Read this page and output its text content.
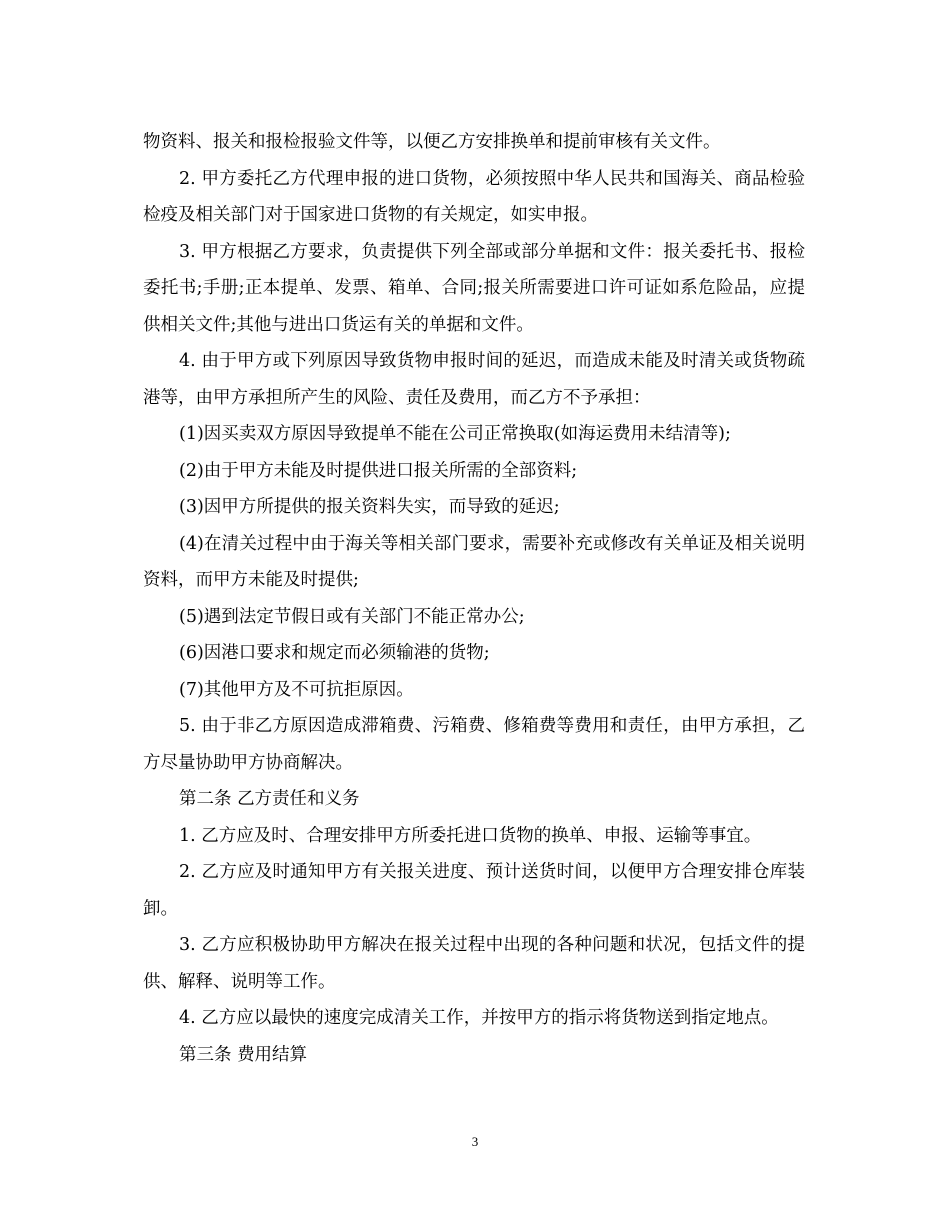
物资料、报关和报检报验文件等，以便乙方安排换单和提前审核有关文件。

2. 甲方委托乙方代理申报的进口货物，必须按照中华人民共和国海关、商品检验检疫及相关部门对于国家进口货物的有关规定，如实申报。

3. 甲方根据乙方要求，负责提供下列全部或部分单据和文件：报关委托书、报检委托书;手册;正本提单、发票、箱单、合同;报关所需要进口许可证如系危险品，应提供相关文件;其他与进出口货运有关的单据和文件。

4. 由于甲方或下列原因导致货物申报时间的延迟，而造成未能及时清关或货物疏港等，由甲方承担所产生的风险、责任及费用，而乙方不予承担：

(1)因买卖双方原因导致提单不能在公司正常换取(如海运费用未结清等);

(2)由于甲方未能及时提供进口报关所需的全部资料;

(3)因甲方所提供的报关资料失实，而导致的延迟;

(4)在清关过程中由于海关等相关部门要求，需要补充或修改有关单证及相关说明资料，而甲方未能及时提供;

(5)遇到法定节假日或有关部门不能正常办公;

(6)因港口要求和规定而必须输港的货物;

(7)其他甲方及不可抗拒原因。

5. 由于非乙方原因造成滞箱费、污箱费、修箱费等费用和责任，由甲方承担，乙方尽量协助甲方协商解决。

第二条 乙方责任和义务

1. 乙方应及时、合理安排甲方所委托进口货物的换单、申报、运输等事宜。

2. 乙方应及时通知甲方有关报关进度、预计送货时间，以便甲方合理安排仓库装卸。

3. 乙方应积极协助甲方解决在报关过程中出现的各种问题和状况，包括文件的提供、解释、说明等工作。

4. 乙方应以最快的速度完成清关工作，并按甲方的指示将货物送到指定地点。

第三条 费用结算

3
